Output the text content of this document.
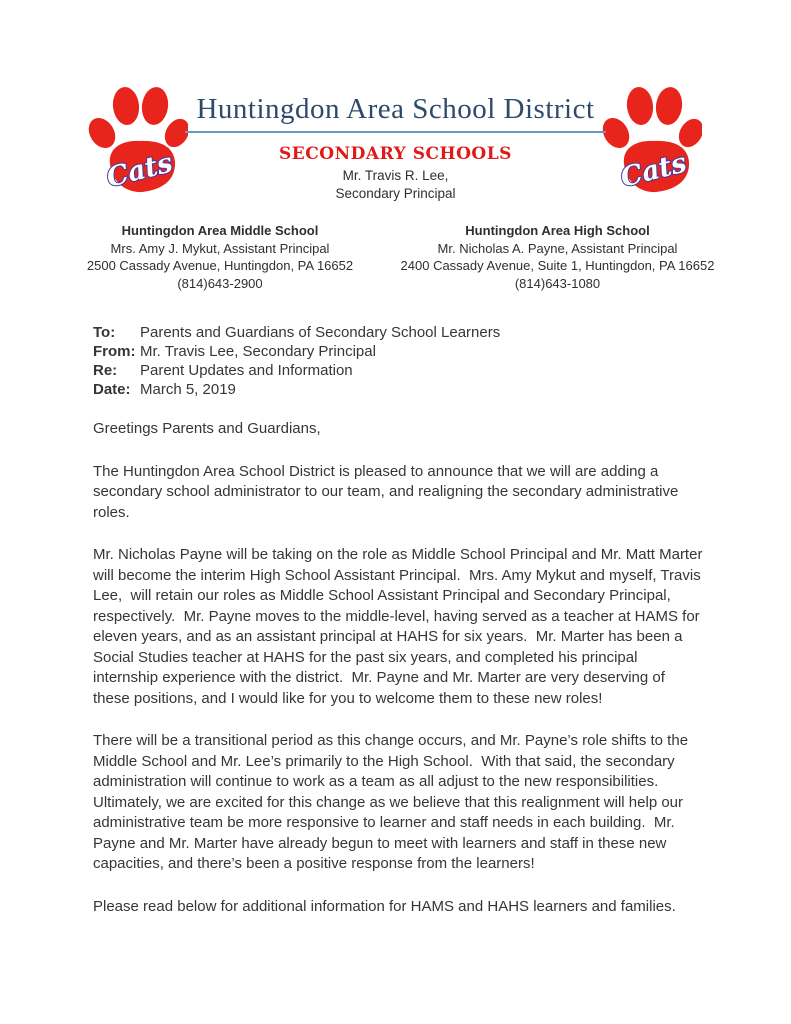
Cats	Cats
Huntingdon Area School District
SECONDARY SCHOOLS
Mr. Travis R. Lee,
Secondary Principal
Huntingdon Area Middle School
Mrs. Amy J. Mykut, Assistant Principal
2500 Cassady Avenue, Huntingdon, PA 16652
(814)643-2900
Huntingdon Area High School
Mr. Nicholas A. Payne, Assistant Principal
2400 Cassady Avenue, Suite 1, Huntingdon, PA 16652
(814)643-1080
To:	Parents and Guardians of Secondary School Learners
From: Mr. Travis Lee, Secondary Principal
Re:	Parent Updates and Information
Date: March 5, 2019

Greetings Parents and Guardians,

The Huntingdon Area School District is pleased to announce that we will are adding a secondary school administrator to our team, and realigning the secondary administrative roles.

Mr. Nicholas Payne will be taking on the role as Middle School Principal and Mr. Matt Marter will become the interim High School Assistant Principal.  Mrs. Amy Mykut and myself, Travis Lee,  will retain our roles as Middle School Assistant Principal and Secondary Principal, respectively.  Mr. Payne moves to the middle-level, having served as a teacher at HAMS for eleven years, and as an assistant principal at HAHS for six years.  Mr. Marter has been a Social Studies teacher at HAHS for the past six years, and completed his principal internship experience with the district.  Mr. Payne and Mr. Marter are very deserving of these positions, and I would like for you to welcome them to these new roles!

There will be a transitional period as this change occurs, and Mr. Payne’s role shifts to the Middle School and Mr. Lee’s primarily to the High School.  With that said, the secondary administration will continue to work as a team as all adjust to the new responsibilities.  Ultimately, we are excited for this change as we believe that this realignment will help our administrative team be more responsive to learner and staff needs in each building.  Mr. Payne and Mr. Marter have already begun to meet with learners and staff in these new capacities, and there’s been a positive response from the learners!

Please read below for additional information for HAMS and HAHS learners and families.
